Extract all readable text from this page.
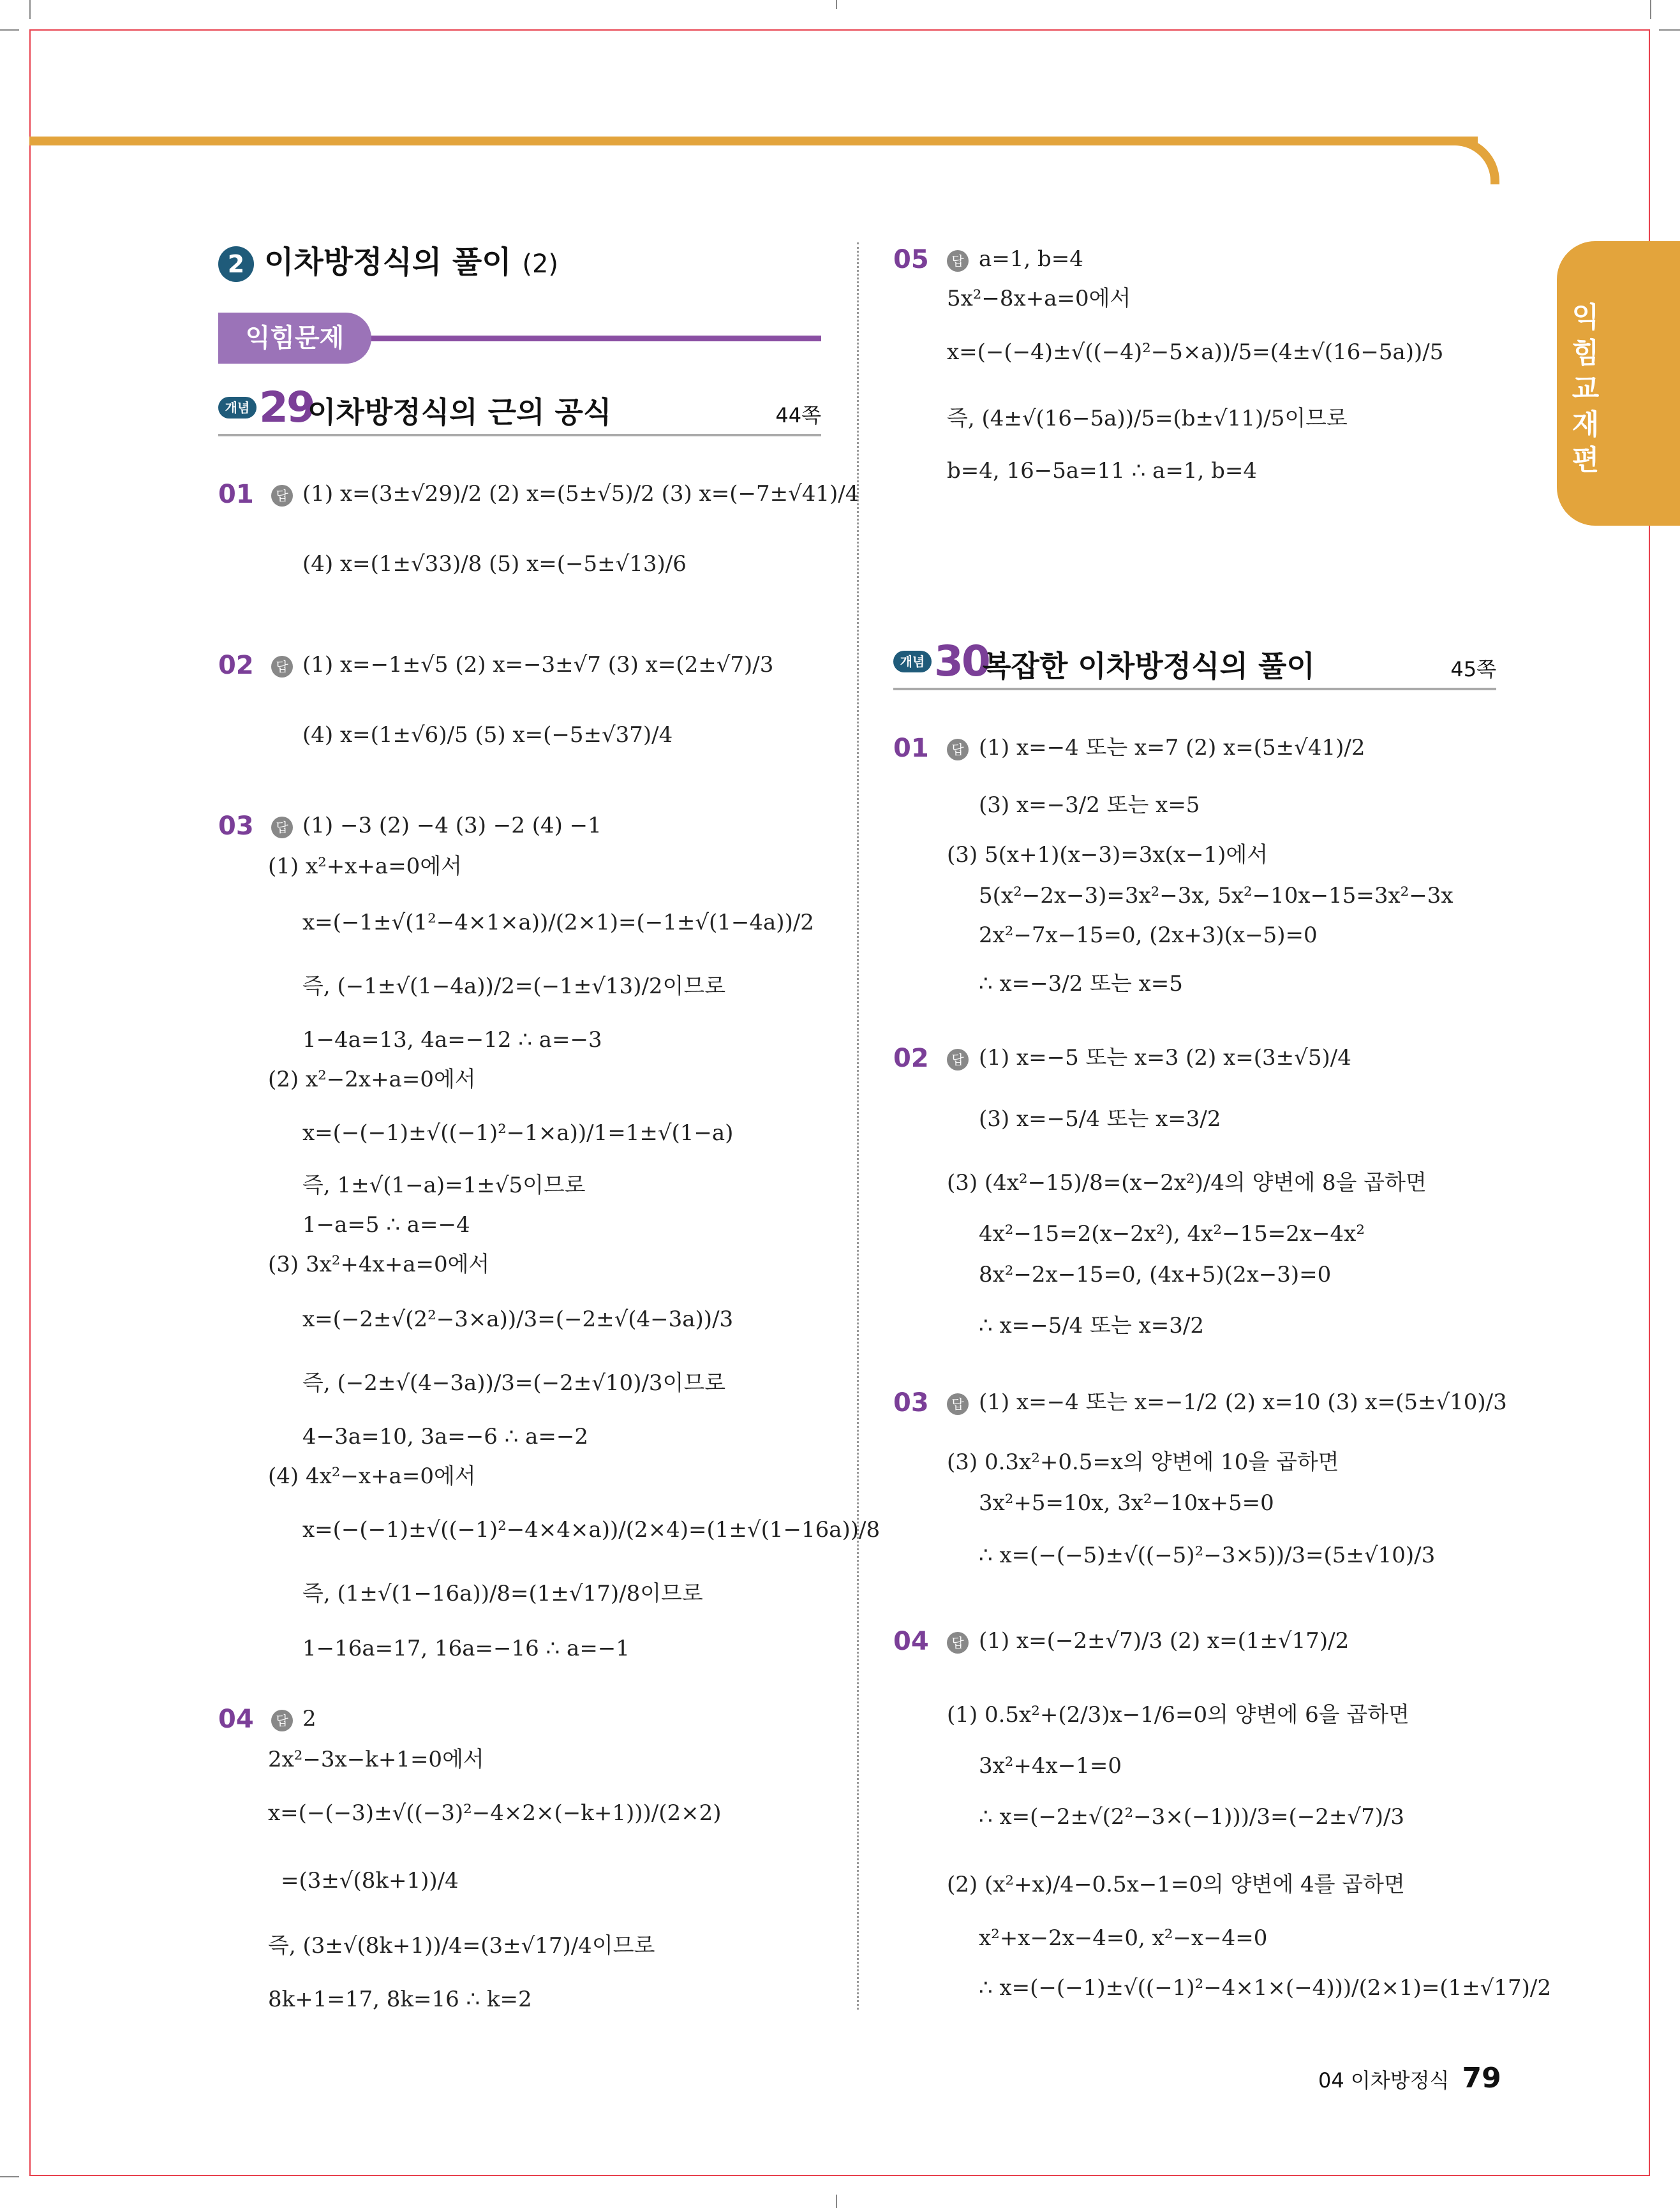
익힘교재편
2 이차방정식의 풀이 (2)
익힘문제
개념 29
이차방정식의 근의 공식	44쪽
01	답 (1) x=(3±√29)/2 (2) x=(5±√5)/2 (3) x=(−7±√41)/4
(4) x=(1±√33)/8 (5) x=(−5±√13)/6
02	답 (1) x=−1±√5 (2) x=−3±√7 (3) x=(2±√7)/3
(4) x=(1±√6)/5 (5) x=(−5±√37)/4
03	답 (1) −3 (2) −4 (3) −2 (4) −1
(1) x²+x+a=0에서
x=(−1±√(1²−4×1×a))/(2×1)=(−1±√(1−4a))/2
즉, (−1±√(1−4a))/2=(−1±√13)/2이므로
1−4a=13, 4a=−12 ∴ a=−3
(2) x²−2x+a=0에서
x=(−(−1)±√((−1)²−1×a))/1=1±√(1−a)
즉, 1±√(1−a)=1±√5이므로
1−a=5 ∴ a=−4
(3) 3x²+4x+a=0에서
x=(−2±√(2²−3×a))/3=(−2±√(4−3a))/3
즉, (−2±√(4−3a))/3=(−2±√10)/3이므로
4−3a=10, 3a=−6 ∴ a=−2
(4) 4x²−x+a=0에서
x=(−(−1)±√((−1)²−4×4×a))/(2×4)=(1±√(1−16a))/8
즉, (1±√(1−16a))/8=(1±√17)/8이므로
1−16a=17, 16a=−16 ∴ a=−1
04	답 2
2x²−3x−k+1=0에서
x=(−(−3)±√((−3)²−4×2×(−k+1)))/(2×2)
=(3±√(8k+1))/4
즉, (3±√(8k+1))/4=(3±√17)/4이므로
8k+1=17, 8k=16 ∴ k=2
05	답 a=1, b=4
5x²−8x+a=0에서
x=(−(−4)±√((−4)²−5×a))/5=(4±√(16−5a))/5
즉, (4±√(16−5a))/5=(b±√11)/5이므로
b=4, 16−5a=11 ∴ a=1, b=4
개념 30
복잡한 이차방정식의 풀이	45쪽
01	답 (1) x=−4 또는 x=7 (2) x=(5±√41)/2
(3) x=−3/2 또는 x=5
(3) 5(x+1)(x−3)=3x(x−1)에서
5(x²−2x−3)=3x²−3x, 5x²−10x−15=3x²−3x
2x²−7x−15=0, (2x+3)(x−5)=0
∴ x=−3/2 또는 x=5
02	답 (1) x=−5 또는 x=3 (2) x=(3±√5)/4
(3) x=−5/4 또는 x=3/2
(3) (4x²−15)/8=(x−2x²)/4의 양변에 8을 곱하면
4x²−15=2(x−2x²), 4x²−15=2x−4x²
8x²−2x−15=0, (4x+5)(2x−3)=0
∴ x=−5/4 또는 x=3/2
03	답 (1) x=−4 또는 x=−1/2 (2) x=10 (3) x=(5±√10)/3
(3) 0.3x²+0.5=x의 양변에 10을 곱하면
3x²+5=10x, 3x²−10x+5=0
∴ x=(−(−5)±√((−5)²−3×5))/3=(5±√10)/3
04	답 (1) x=(−2±√7)/3 (2) x=(1±√17)/2
(1) 0.5x²+(2/3)x−1/6=0의 양변에 6을 곱하면
3x²+4x−1=0
∴ x=(−2±√(2²−3×(−1)))/3=(−2±√7)/3
(2) (x²+x)/4−0.5x−1=0의 양변에 4를 곱하면
x²+x−2x−4=0, x²−x−4=0
∴ x=(−(−1)±√((−1)²−4×1×(−4)))/(2×1)=(1±√17)/2
04 이차방정식 79
